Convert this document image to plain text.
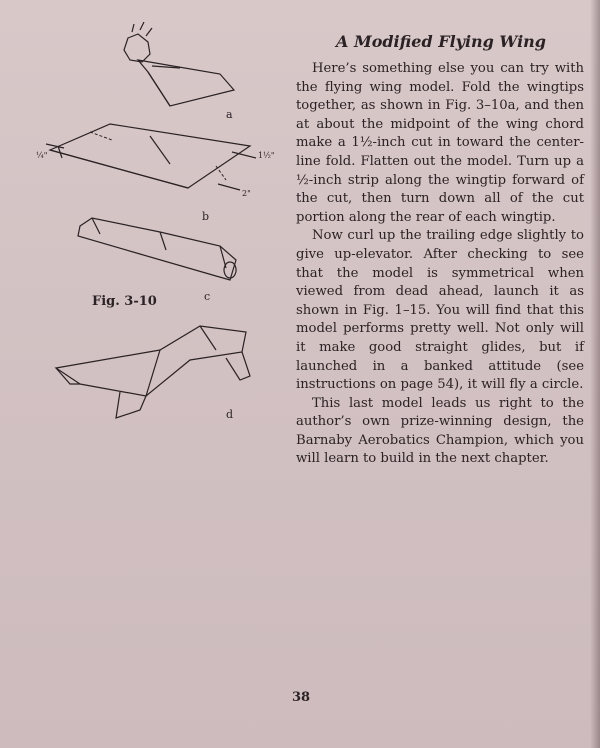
¼"	1½"
2"
a
b
c
d
Fig. 3-10
A Modified Flying Wing

Here’s something else you can try with the flying wing model. Fold the wingtips together, as shown in Fig. 3–10a, and then at about the midpoint of the wing chord make a 1½-inch cut in toward the center-line fold. Flatten out the model. Turn up a ½-inch strip along the wingtip forward of the cut, then turn down all of the cut portion along the rear of each wingtip.

Now curl up the trailing edge slightly to give up-elevator. After checking to see that the model is symmetrical when viewed from dead ahead, launch it as shown in Fig. 1–15. You will find that this model performs pretty well. Not only will it make good straight glides, but if launched in a banked attitude (see instructions on page 54), it will fly a circle.

This last model leads us right to the author’s own prize-winning design, the Barnaby Aerobatics Champion, which you will learn to build in the next chapter.

38
